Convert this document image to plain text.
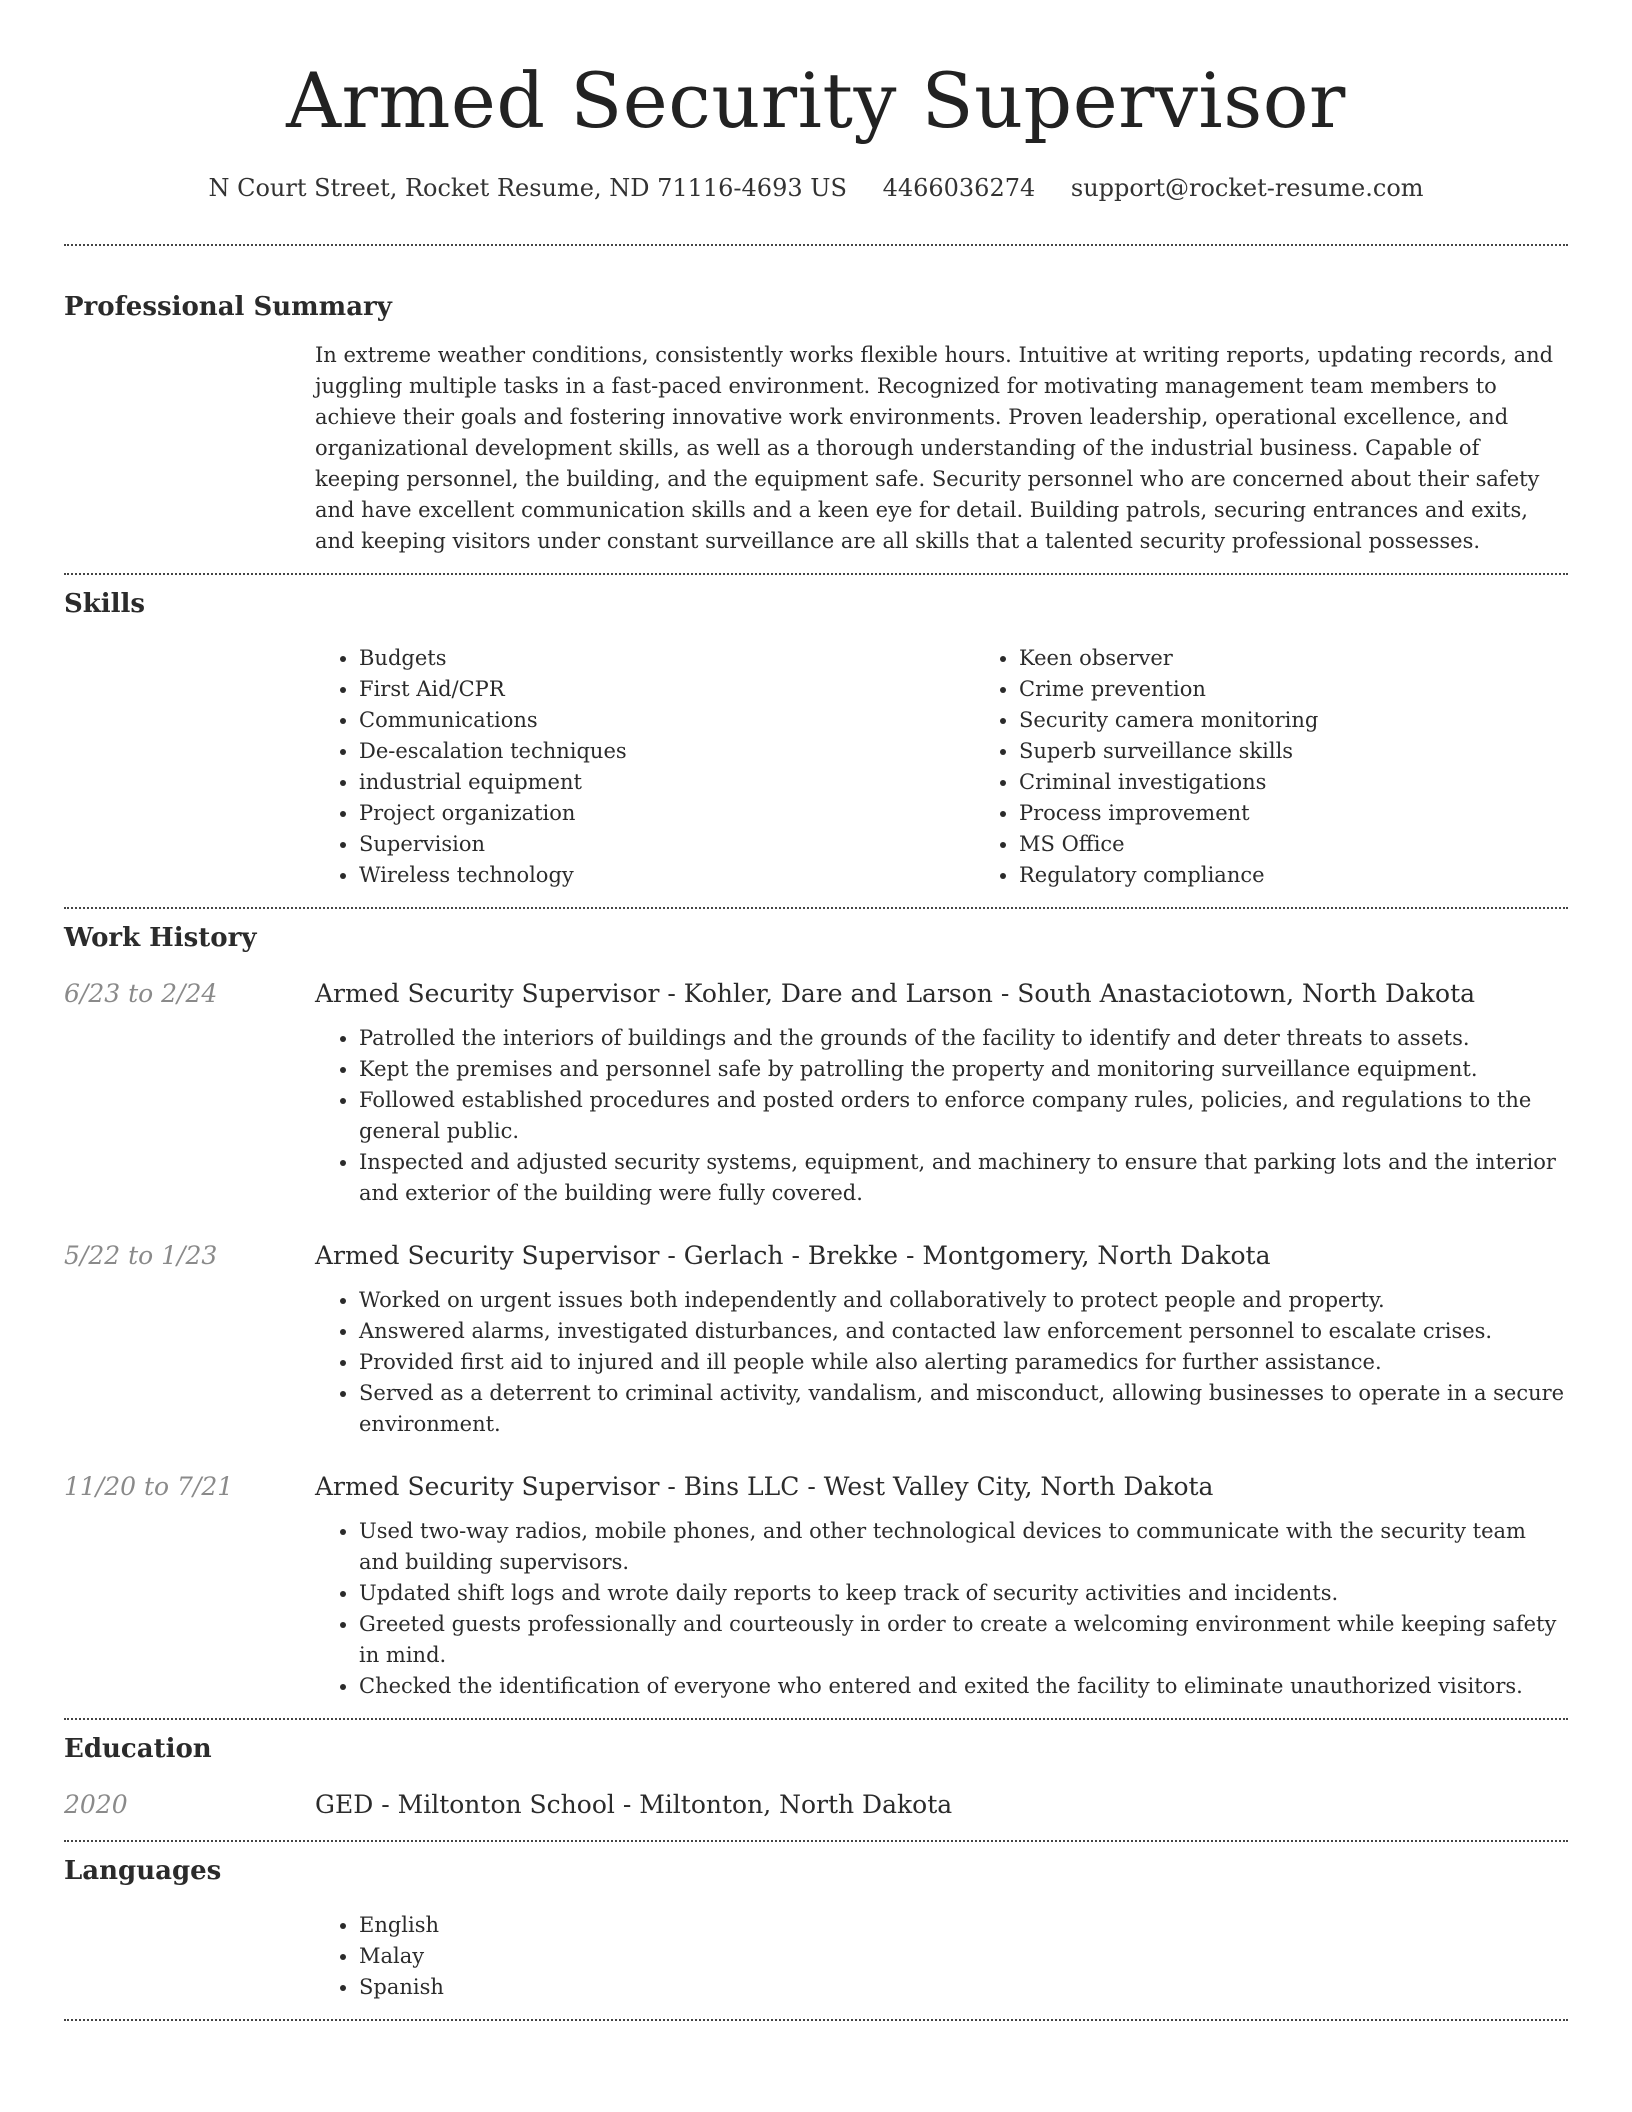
Armed Security Supervisor
N Court Street, Rocket Resume, ND 71116-4693 US 4466036274 support@rocket-resume.com
Professional Summary

In extreme weather conditions, consistently works flexible hours. Intuitive at writing reports, updating records, and juggling multiple tasks in a fast-paced environment. Recognized for motivating management team members to achieve their goals and fostering innovative work environments. Proven leadership, operational excellence, and organizational development skills, as well as a thorough understanding of the industrial business. Capable of keeping personnel, the building, and the equipment safe. Security personnel who are concerned about their safety and have excellent communication skills and a keen eye for detail. Building patrols, securing entrances and exits, and keeping visitors under constant surveillance are all skills that a talented security professional possesses.

Skills
• Budgets
• First Aid/CPR
• Communications
• De-escalation techniques
• industrial equipment
• Project organization
• Supervision
• Wireless technology
• Keen observer
• Crime prevention
• Security camera monitoring
• Superb surveillance skills
• Criminal investigations
• Process improvement
• MS Office
• Regulatory compliance
Work History
6/23 to 2/24	Armed Security Supervisor - Kohler, Dare and Larson - South Anastaciotown, North Dakota
• Patrolled the interiors of buildings and the grounds of the facility to identify and deter threats to assets.
• Kept the premises and personnel safe by patrolling the property and monitoring surveillance equipment.
• Followed established procedures and posted orders to enforce company rules, policies, and regulations to the general public.
• Inspected and adjusted security systems, equipment, and machinery to ensure that parking lots and the interior and exterior of the building were fully covered.
5/22 to 1/23	Armed Security Supervisor - Gerlach - Brekke - Montgomery, North Dakota
• Worked on urgent issues both independently and collaboratively to protect people and property.
• Answered alarms, investigated disturbances, and contacted law enforcement personnel to escalate crises.
• Provided first aid to injured and ill people while also alerting paramedics for further assistance.
• Served as a deterrent to criminal activity, vandalism, and misconduct, allowing businesses to operate in a secure environment.
11/20 to 7/21	Armed Security Supervisor - Bins LLC - West Valley City, North Dakota
• Used two-way radios, mobile phones, and other technological devices to communicate with the security team and building supervisors.
• Updated shift logs and wrote daily reports to keep track of security activities and incidents.
• Greeted guests professionally and courteously in order to create a welcoming environment while keeping safety in mind.
• Checked the identification of everyone who entered and exited the facility to eliminate unauthorized visitors.
Education
2020	GED - Miltonton School - Miltonton, North Dakota
Languages
• English
• Malay
• Spanish
